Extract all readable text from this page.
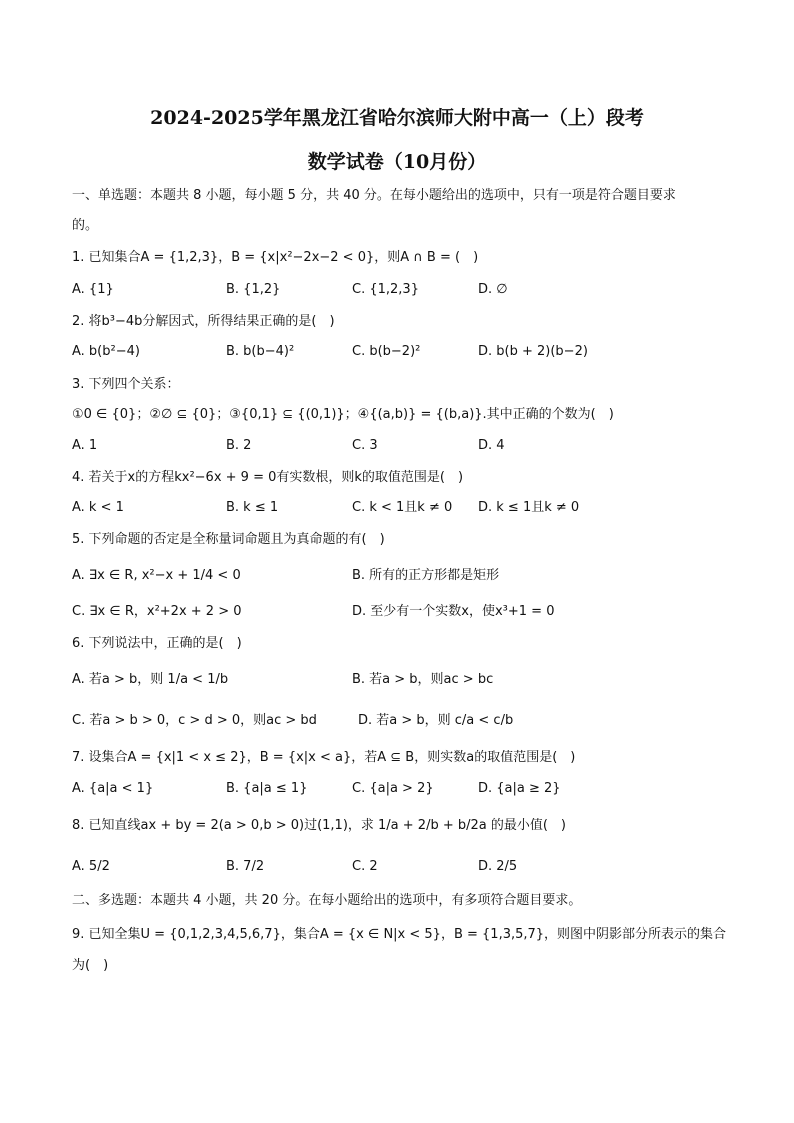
2024-2025学年黑龙江省哈尔滨师大附中高一（上）段考
数学试卷（10月份）
一、单选题：本题共 8 小题，每小题 5 分，共 40 分。在每小题给出的选项中，只有一项是符合题目要求
的。
1. 已知集合A = {1,2,3}，B = {x|x²−2x−2 < 0}，则A ∩ B = (　)
A. {1}	B. {1,2}	C. {1,2,3}	D. ∅
2. 将b³−4b分解因式，所得结果正确的是(　)
A. b(b²−4)	B. b(b−4)²	C. b(b−2)²	D. b(b + 2)(b−2)
3. 下列四个关系：
①0 ∈ {0}；②∅ ⊆ {0}；③{0,1} ⊆ {(0,1)}；④{(a,b)} = {(b,a)}.其中正确的个数为(　)
A. 1	B. 2	C. 3	D. 4
4. 若关于x的方程kx²−6x + 9 = 0有实数根，则k的取值范围是(　)
A. k < 1	B. k ≤ 1	C. k < 1且k ≠ 0 D. k ≤ 1且k ≠ 0
5. 下列命题的否定是全称量词命题且为真命题的有(　)
A. ∃x ∈ R, x²−x + 1/4 < 0	B. 所有的正方形都是矩形
C. ∃x ∈ R，x²+2x + 2 > 0	D. 至少有一个实数x，使x³+1 = 0
6. 下列说法中，正确的是(　)
A. 若a > b，则 1/a < 1/b	B. 若a > b，则ac > bc
C. 若a > b > 0，c > d > 0，则ac > bd	D. 若a > b，则 c/a < c/b
7. 设集合A = {x|1 < x ≤ 2}，B = {x|x < a}，若A ⊆ B，则实数a的取值范围是(　)
A. {a|a < 1}	B. {a|a ≤ 1}	C. {a|a > 2}	D. {a|a ≥ 2}
8. 已知直线ax + by = 2(a > 0,b > 0)过(1,1)，求 1/a + 2/b + b/2a 的最小值(　)
A. 5/2	B. 7/2	C. 2	D. 2/5
二、多选题：本题共 4 小题，共 20 分。在每小题给出的选项中，有多项符合题目要求。
9. 已知全集U = {0,1,2,3,4,5,6,7}，集合A = {x ∈ N|x < 5}，B = {1,3,5,7}，则图中阴影部分所表示的集合
为(　)
